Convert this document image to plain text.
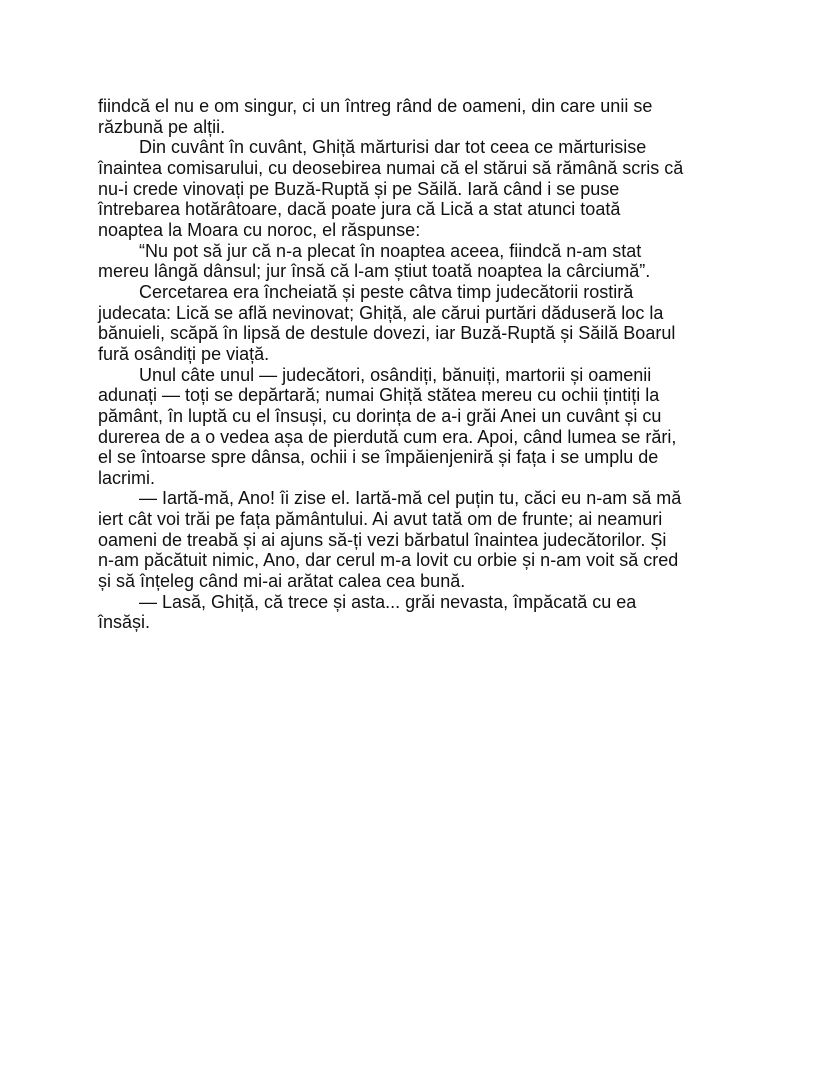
fiindcă el nu e om singur, ci un întreg rând de oameni, din care unii se
răzbună pe alții.
Din cuvânt în cuvânt, Ghiță mărturisi dar tot ceea ce mărturisise
înaintea comisarului, cu deosebirea numai că el stărui să rămână scris că
nu-i crede vinovați pe Buză-Ruptă și pe Săilă. Iară când i se puse
întrebarea hotărâtoare, dacă poate jura că Lică a stat atunci toată
noaptea la Moara cu noroc, el răspunse:
“Nu pot să jur că n-a plecat în noaptea aceea, fiindcă n-am stat
mereu lângă dânsul; jur însă că l-am știut toată noaptea la cârciumă”.
Cercetarea era încheiată și peste câtva timp judecătorii rostiră
judecata: Lică se află nevinovat; Ghiță, ale cărui purtări dăduseră loc la
bănuieli, scăpă în lipsă de destule dovezi, iar Buză-Ruptă și Săilă Boarul
fură osândiți pe viață.
Unul câte unul — judecători, osândiți, bănuiți, martorii și oamenii
adunați — toți se depărtară; numai Ghiță stătea mereu cu ochii țintiți la
pământ, în luptă cu el însuși, cu dorința de a-i grăi Anei un cuvânt și cu
durerea de a o vedea așa de pierdută cum era. Apoi, când lumea se rări,
el se întoarse spre dânsa, ochii i se împăienjeniră și fața i se umplu de
lacrimi.
— Iartă-mă, Ano! îi zise el. Iartă-mă cel puțin tu, căci eu n-am să mă
iert cât voi trăi pe fața pământului. Ai avut tată om de frunte; ai neamuri
oameni de treabă și ai ajuns să-ți vezi bărbatul înaintea judecătorilor. Și
n-am păcătuit nimic, Ano, dar cerul m-a lovit cu orbie și n-am voit să cred
și să înțeleg când mi-ai arătat calea cea bună.
— Lasă, Ghiță, că trece și asta... grăi nevasta, împăcată cu ea
însăși.
